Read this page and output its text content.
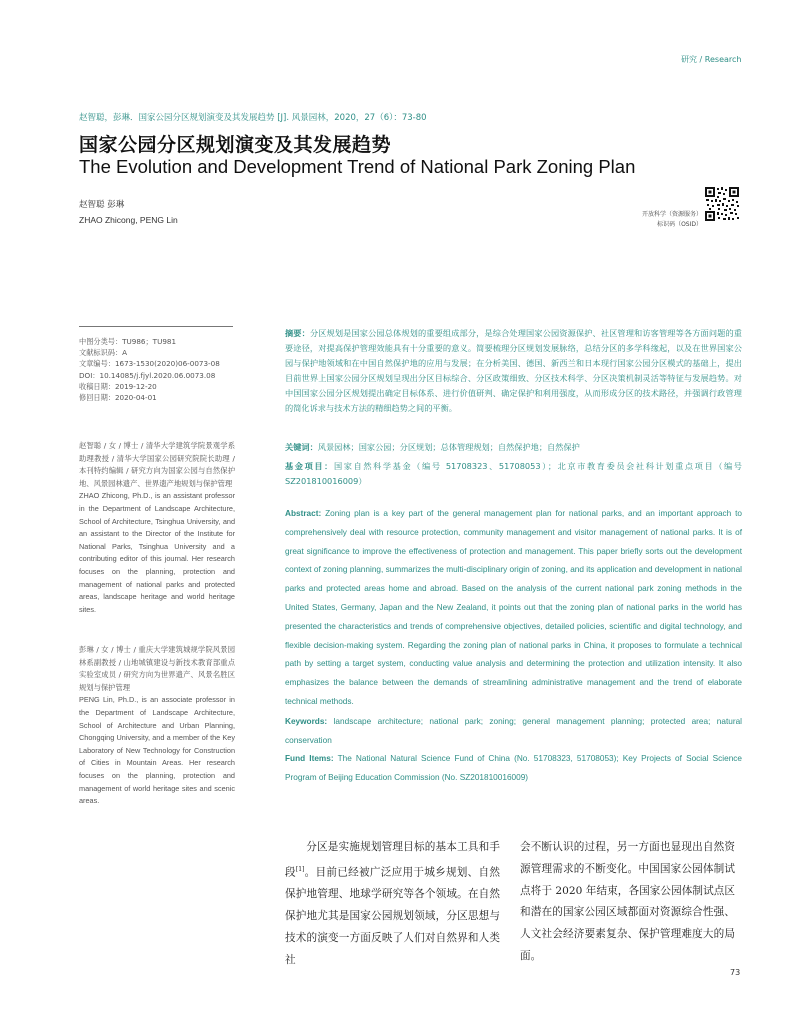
研究 / Research
赵智聪，彭琳．国家公园分区规划演变及其发展趋势 [J]. 风景园林，2020，27（6）：73-80
国家公园分区规划演变及其发展趋势
The Evolution and Development Trend of National Park Zoning Plan
赵智聪 彭琳
ZHAO Zhicong, PENG Lin
开放科学（资源服务）
标识码（OSID）
中图分类号：TU986；TU981
文献标识码：A
文章编号：1673-1530(2020)06-0073-08
DOI：10.14085/j.fjyl.2020.06.0073.08
收稿日期：2019-12-20
修回日期：2020-04-01
赵智聪 / 女 / 博士 / 清华大学建筑学院景观学系助理教授 / 清华大学国家公园研究院院长助理 / 本刊特约编辑 / 研究方向为国家公园与自然保护地、风景园林遗产、世界遗产地规划与保护管理
ZHAO Zhicong, Ph.D., is an assistant professor in the Department of Landscape Architecture, School of Architecture, Tsinghua University, and an assistant to the Director of the Institute for National Parks, Tsinghua University and a contributing editor of this journal. Her research focuses on the planning, protection and management of national parks and protected areas, landscape heritage and world heritage sites.
彭琳 / 女 / 博士 / 重庆大学建筑城规学院风景园林系副教授 / 山地城镇建设与新技术教育部重点实验室成员 / 研究方向为世界遗产、风景名胜区规划与保护管理
PENG Lin, Ph.D., is an associate professor in the Department of Landscape Architecture, School of Architecture and Urban Planning, Chongqing University, and a member of the Key Laboratory of New Technology for Construction of Cities in Mountain Areas. Her research focuses on the planning, protection and management of world heritage sites and scenic areas.
摘要：分区规划是国家公园总体规划的重要组成部分，是综合处理国家公园资源保护、社区管理和访客管理等各方面问题的重要途径，对提高保护管理效能具有十分重要的意义。简要梳理分区规划发展脉络，总结分区的多学科缘起，以及在世界国家公园与保护地领域和在中国自然保护地的应用与发展；在分析美国、德国、新西兰和日本现行国家公园分区模式的基础上，提出目前世界上国家公园分区规划呈现出分区目标综合、分区政策细致、分区技术科学、分区决策机制灵活等特征与发展趋势。对中国国家公园分区规划提出确定目标体系、进行价值研判、确定保护和利用强度，从而形成分区的技术路径，并强调行政管理的简化诉求与技术方法的精细趋势之间的平衡。
关键词：风景园林；国家公园；分区规划；总体管理规划；自然保护地；自然保护
基金项目：国家自然科学基金（编号 51708323、51708053）；北京市教育委员会社科计划重点项目（编号 SZ201810016009）
Abstract: Zoning plan is a key part of the general management plan for national parks, and an important approach to comprehensively deal with resource protection, community management and visitor management of national parks. It is of great significance to improve the effectiveness of protection and management. This paper briefly sorts out the development context of zoning planning, summarizes the multi-disciplinary origin of zoning, and its application and development in national parks and protected areas home and abroad. Based on the analysis of the current national park zoning methods in the United States, Germany, Japan and the New Zealand, it points out that the zoning plan of national parks in the world has presented the characteristics and trends of comprehensive objectives, detailed policies, scientific and digital technology, and flexible decision-making system. Regarding the zoning plan of national parks in China, it proposes to formulate a technical path by setting a target system, conducting value analysis and determining the protection and utilization intensity. It also emphasizes the balance between the demands of streamlining administrative management and the trend of elaborate technical methods.
Keywords: landscape architecture; national park; zoning; general management planning; protected area; natural conservation
Fund Items: The National Natural Science Fund of China (No. 51708323, 51708053); Key Projects of Social Science Program of Beijing Education Commission (No. SZ201810016009)
分区是实施规划管理目标的基本工具和手段[1]。目前已经被广泛应用于城乡规划、自然保护地管理、地球学研究等各个领域。在自然保护地尤其是国家公园规划领域，分区思想与技术的演变一方面反映了人们对自然界和人类社
会不断认识的过程，另一方面也显现出自然资源管理需求的不断变化。中国国家公园体制试点将于 2020 年结束，各国家公园体制试点区和潜在的国家公园区域都面对资源综合性强、人文社会经济要素复杂、保护管理难度大的局面。
73
